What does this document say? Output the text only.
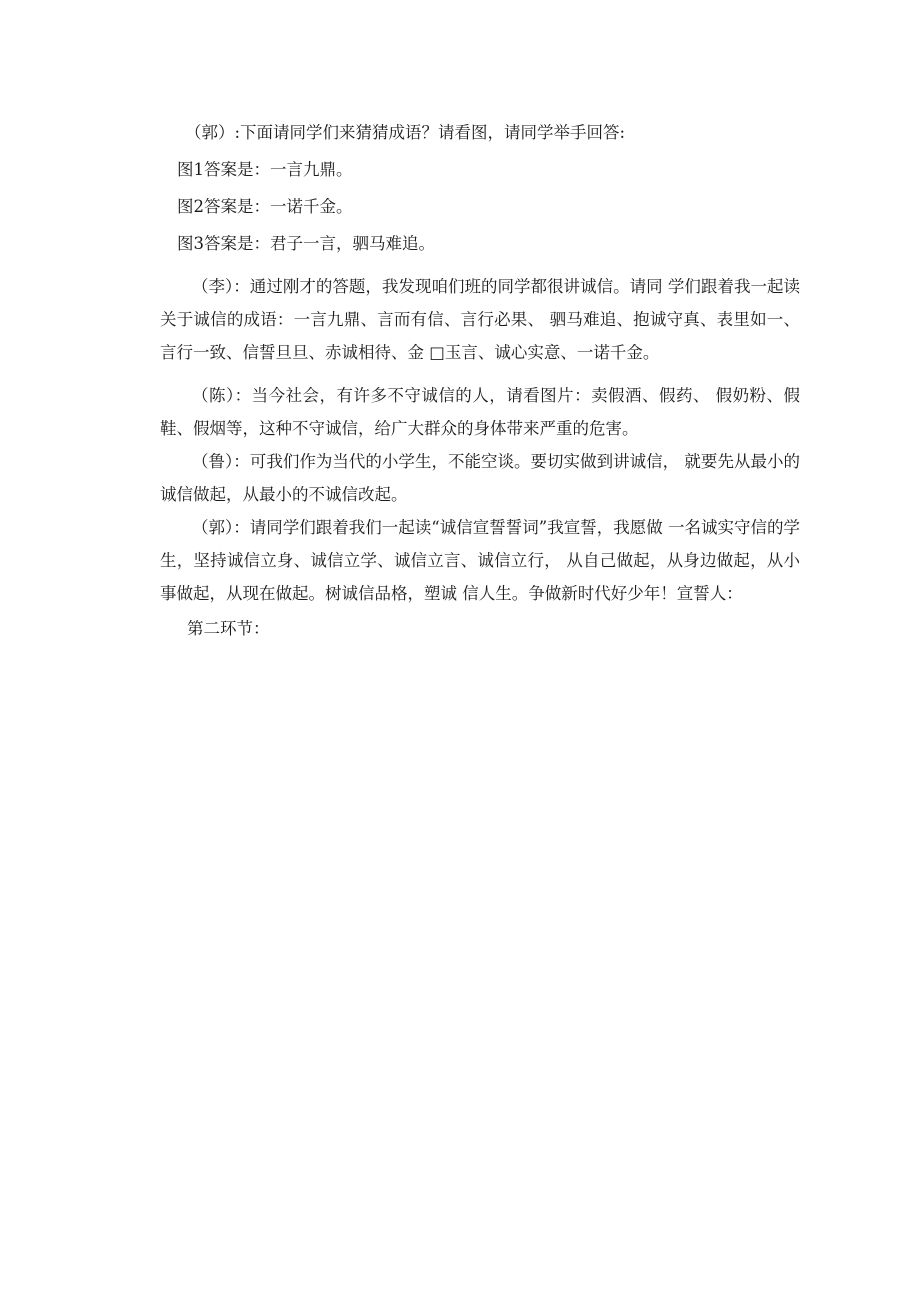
（郭）:下面请同学们来猜猜成语？请看图，请同学举手回答:

图1答案是：一言九鼎。

图2答案是：一诺千金。

图3答案是：君子一言，驷马难追。

（李）：通过刚才的答题，我发现咱们班的同学都很讲诚信。请同 学们跟着我一起读关于诚信的成语：一言九鼎、言而有信、言行必果、 驷马难追、抱诚守真、表里如一、言行一致、信誓旦旦、赤诚相待、金 □玉言、诚心实意、一诺千金。

（陈）：当今社会，有许多不守诚信的人，请看图片：卖假酒、假药、 假奶粉、假鞋、假烟等，这种不守诚信，给广大群众的身体带来严重的危害。

（鲁）：可我们作为当代的小学生，不能空谈。要切实做到讲诚信， 就要先从最小的诚信做起，从最小的不诚信改起。

（郭）：请同学们跟着我们一起读“诚信宣誓誓词”我宣誓，我愿做 一名诚实守信的学生，坚持诚信立身、诚信立学、诚信立言、诚信立行， 从自己做起，从身边做起，从小事做起，从现在做起。树诚信品格，塑诚 信人生。争做新时代好少年！宣誓人：

第二环节：
